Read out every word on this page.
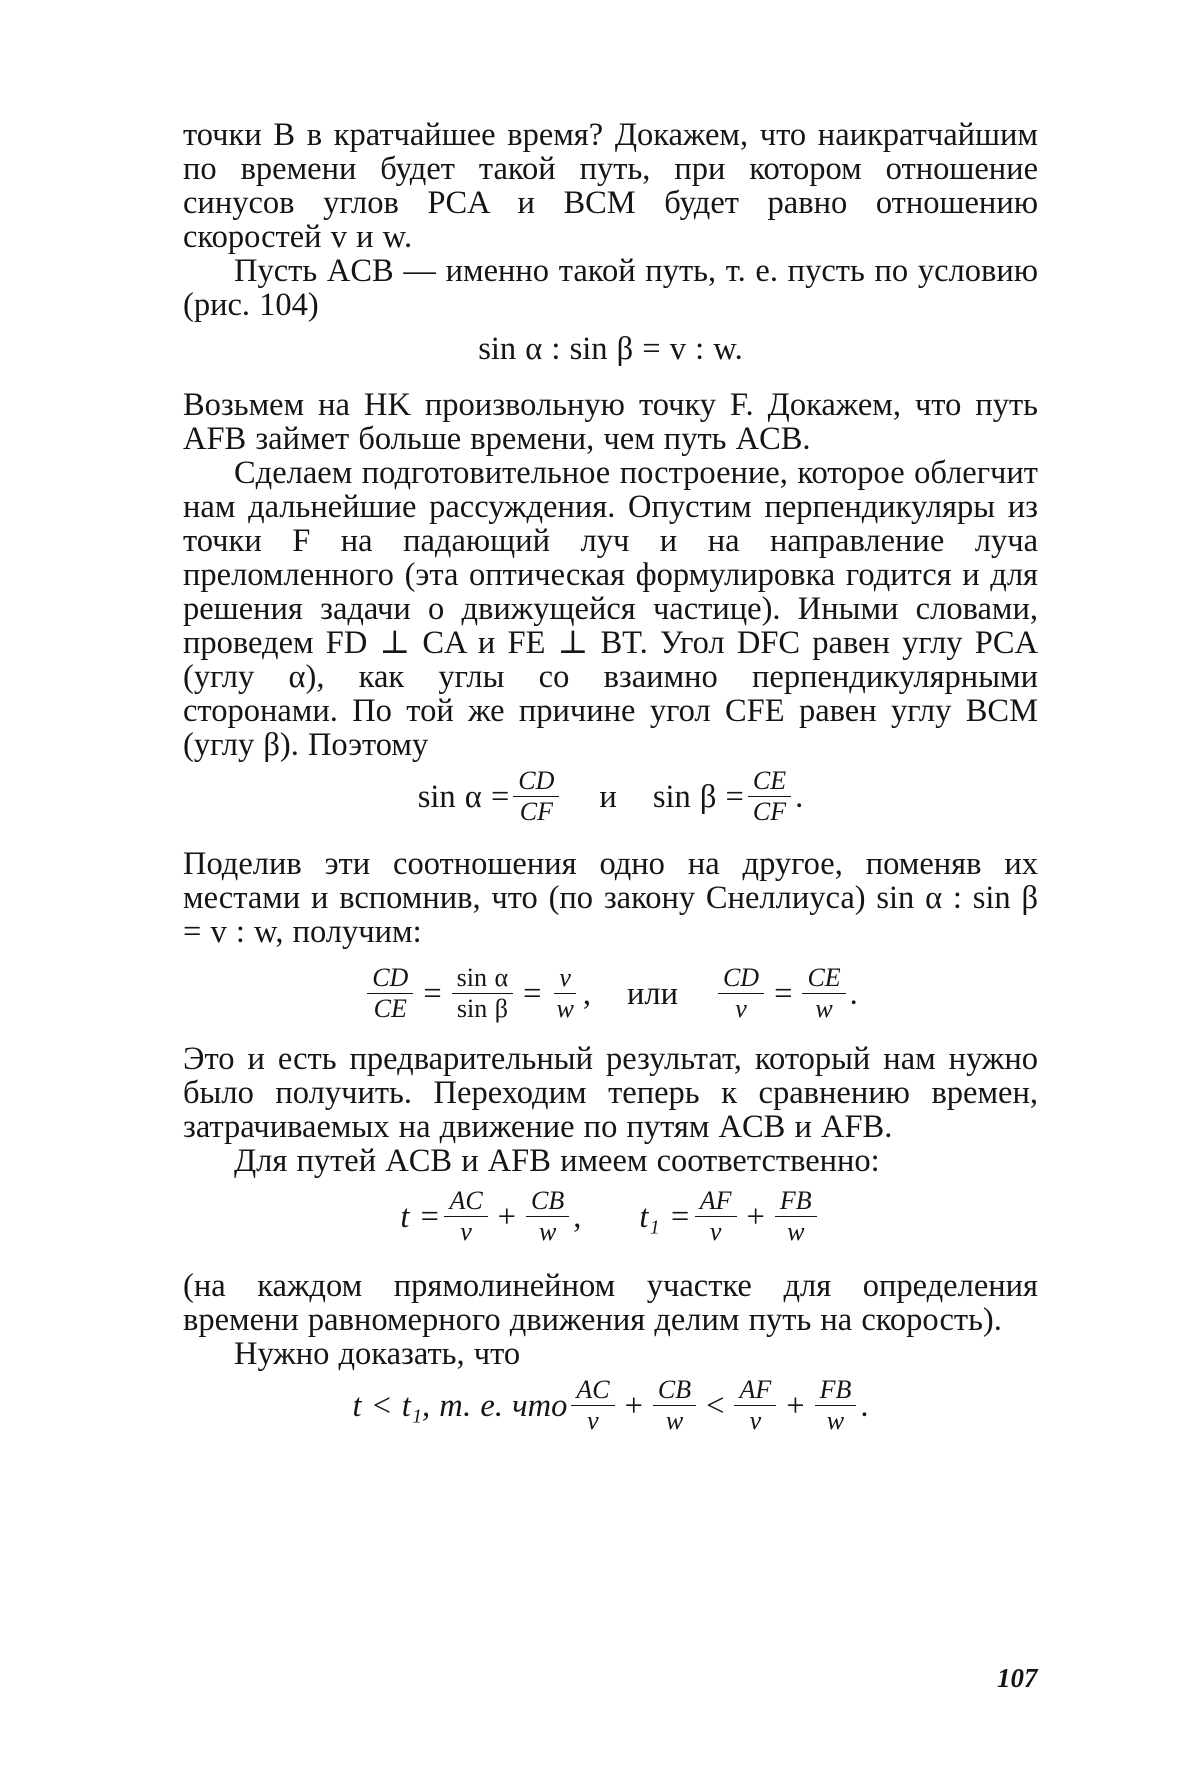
точки B в кратчайшее время? Докажем, что наикратчайшим по времени будет такой путь, при котором отношение синусов углов PCA и BCM будет равно отношению скоростей v и w.

Пусть ACB — именно такой путь, т. е. пусть по условию (рис. 104)

sin α : sin β = v : w.

Возьмем на HK произвольную точку F. Докажем, что путь AFB займет больше времени, чем путь ACB.

Сделаем подготовительное построение, которое облегчит нам дальнейшие рассуждения. Опустим перпендикуляры из точки F на падающий луч и на направление луча преломленного (эта оптическая формулировка годится и для решения задачи о движущейся частице). Иными словами, проведем FD ⊥ CA и FE ⊥ BT. Угол DFC равен углу PCA (углу α), как углы со взаимно перпендикулярными сторонами. По той же причине угол CFE равен углу BCM (углу β). Поэтому

$\sin \alpha = \frac{CD}{CF}$ и $\sin \beta = \frac{CE}{CF}$ .

Поделив эти соотношения одно на другое, поменяв их местами и вспомнив, что (по закону Снеллиуса) sin α : sin β = v : w, получим:

$\frac{CD}{CE} = \frac{\text{sin α}}{\text{sin β}} = \frac{v}{w}$ , или $\frac{CD}{v} = \frac{CE}{w}$ .

Это и есть предварительный результат, который нам нужно было получить. Переходим теперь к сравнению времен, затрачиваемых на движение по путям ACB и AFB.

Для путей ACB и AFB имеем соответственно:

$t = \frac{AC}{v} + \frac{CB}{w}$ , $t_1 = \frac{AF}{v} + \frac{FB}{w}$

(на каждом прямолинейном участке для определения времени равномерного движения делим путь на скорость).

Нужно доказать, что

t < t₁, т. е. что $\frac{AC}{v} + \frac{CB}{w} < \frac{AF}{v} + \frac{FB}{w}$ .
107
